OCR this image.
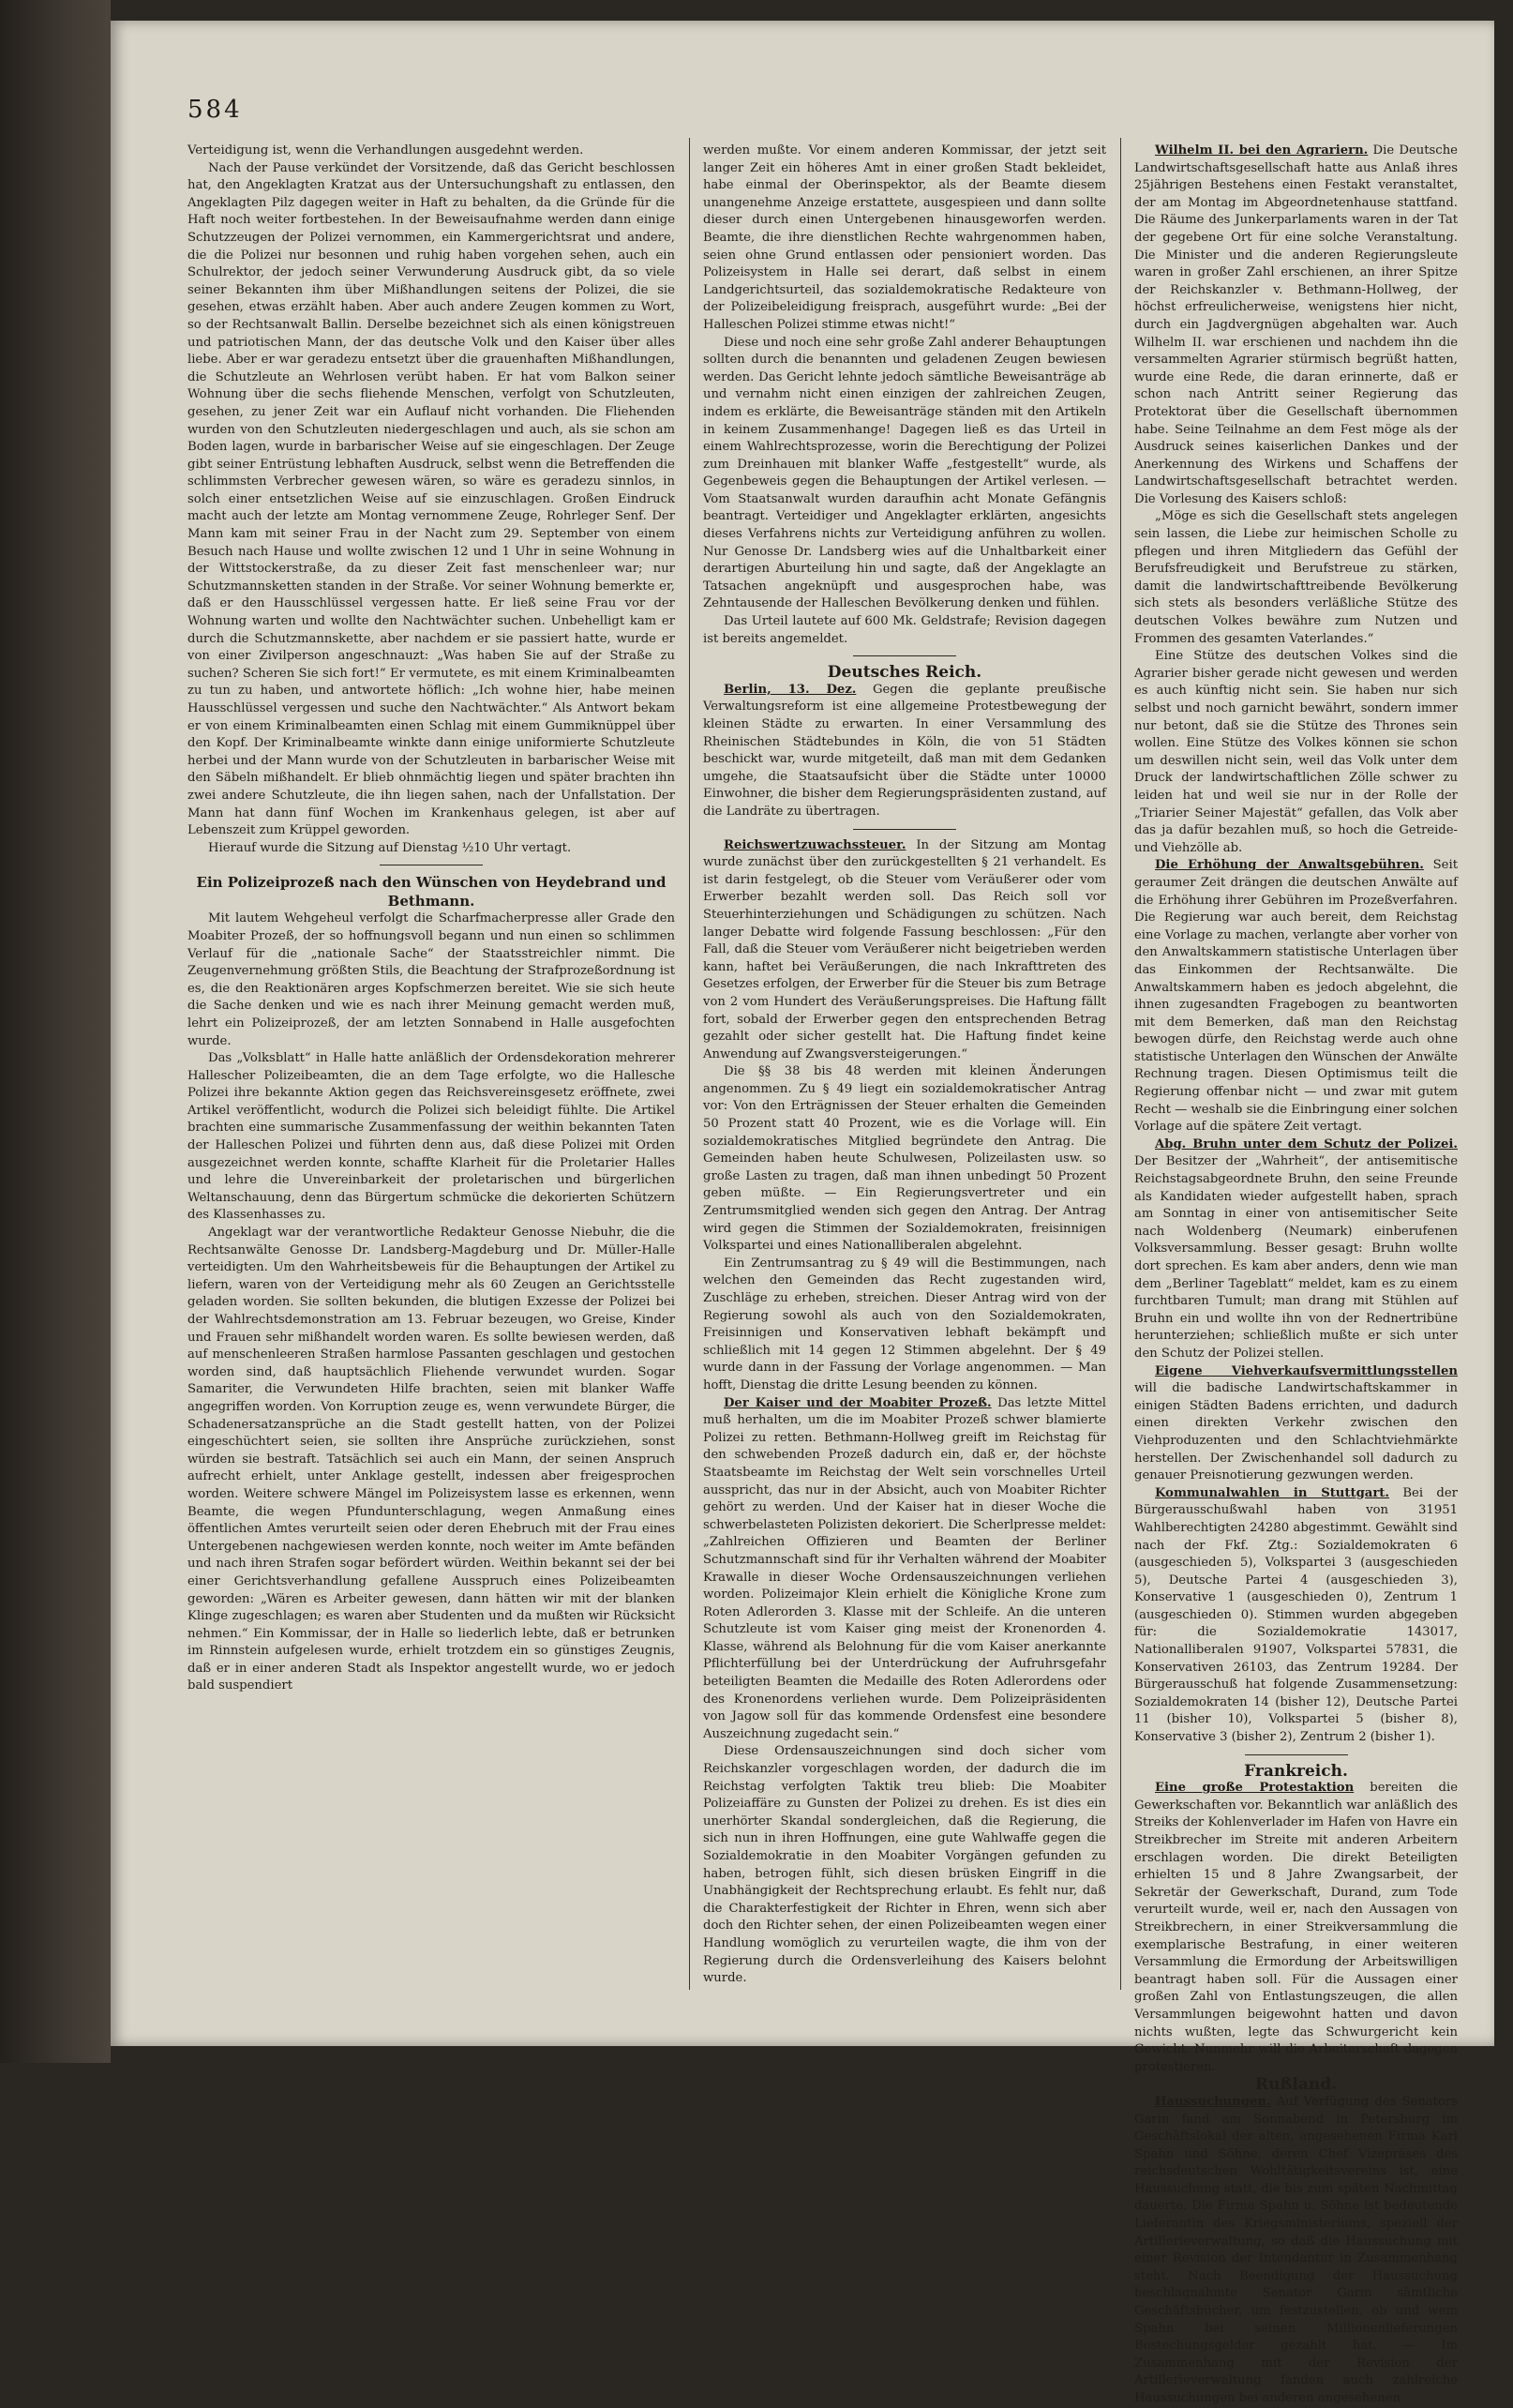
584

Verteidigung ist, wenn die Verhandlungen ausgedehnt werden.

Nach der Pause verkündet der Vorsitzende, daß das Gericht beschlossen hat, den Angeklagten Kratzat aus der Untersuchungshaft zu entlassen, den Angeklagten Pilz dagegen weiter in Haft zu behalten, da die Gründe für die Haft noch weiter fortbestehen. In der Beweisaufnahme werden dann einige Schutzzeugen der Polizei vernommen, ein Kammergerichtsrat und andere, die die Polizei nur besonnen und ruhig haben vorgehen sehen, auch ein Schulrektor, der jedoch seiner Verwunderung Ausdruck gibt, da so viele seiner Bekannten ihm über Mißhandlungen seitens der Polizei, die sie gesehen, etwas erzählt haben. Aber auch andere Zeugen kommen zu Wort, so der Rechtsanwalt Ballin. Derselbe bezeichnet sich als einen königstreuen und patriotischen Mann, der das deutsche Volk und den Kaiser über alles liebe. Aber er war geradezu entsetzt über die grauenhaften Mißhandlungen, die Schutzleute an Wehrlosen verübt haben. Er hat vom Balkon seiner Wohnung über die sechs fliehende Menschen, verfolgt von Schutzleuten, gesehen, zu jener Zeit war ein Auflauf nicht vorhanden. Die Fliehenden wurden von den Schutzleuten niedergeschlagen und auch, als sie schon am Boden lagen, wurde in barbarischer Weise auf sie eingeschlagen. Der Zeuge gibt seiner Entrüstung lebhaften Ausdruck, selbst wenn die Betreffenden die schlimmsten Verbrecher gewesen wären, so wäre es geradezu sinnlos, in solch einer entsetzlichen Weise auf sie einzuschlagen. Großen Eindruck macht auch der letzte am Montag vernommene Zeuge, Rohrleger Senf. Der Mann kam mit seiner Frau in der Nacht zum 29. September von einem Besuch nach Hause und wollte zwischen 12 und 1 Uhr in seine Wohnung in der Wittstockerstraße, da zu dieser Zeit fast menschenleer war; nur Schutzmannsketten standen in der Straße. Vor seiner Wohnung bemerkte er, daß er den Hausschlüssel vergessen hatte. Er ließ seine Frau vor der Wohnung warten und wollte den Nachtwächter suchen. Unbehelligt kam er durch die Schutzmannskette, aber nachdem er sie passiert hatte, wurde er von einer Zivilperson angeschnauzt: „Was haben Sie auf der Straße zu suchen? Scheren Sie sich fort!“ Er vermutete, es mit einem Kriminalbeamten zu tun zu haben, und antwortete höflich: „Ich wohne hier, habe meinen Hausschlüssel vergessen und suche den Nachtwächter.“ Als Antwort bekam er von einem Kriminalbeamten einen Schlag mit einem Gummiknüppel über den Kopf. Der Kriminalbeamte winkte dann einige uniformierte Schutzleute herbei und der Mann wurde von der Schutzleuten in barbarischer Weise mit den Säbeln mißhandelt. Er blieb ohnmächtig liegen und später brachten ihn zwei andere Schutzleute, die ihn liegen sahen, nach der Unfallstation. Der Mann hat dann fünf Wochen im Krankenhaus gelegen, ist aber auf Lebenszeit zum Krüppel geworden.

Hierauf wurde die Sitzung auf Dienstag ½10 Uhr vertagt.

Ein Polizeiprozeß nach den Wünschen von Heydebrand und Bethmann.

Mit lautem Wehgeheul verfolgt die Scharfmacherpresse aller Grade den Moabiter Prozeß, der so hoffnungsvoll begann und nun einen so schlimmen Verlauf für die „nationale Sache“ der Staatsstreichler nimmt. Die Zeugenvernehmung größten Stils, die Beachtung der Strafprozeßordnung ist es, die den Reaktionären arges Kopfschmerzen bereitet. Wie sie sich heute die Sache denken und wie es nach ihrer Meinung gemacht werden muß, lehrt ein Polizeiprozeß, der am letzten Sonnabend in Halle ausgefochten wurde.

Das „Volksblatt“ in Halle hatte anläßlich der Ordensdekoration mehrerer Hallescher Polizeibeamten, die an dem Tage erfolgte, wo die Hallesche Polizei ihre bekannte Aktion gegen das Reichsvereinsgesetz eröffnete, zwei Artikel veröffentlicht, wodurch die Polizei sich beleidigt fühlte. Die Artikel brachten eine summarische Zusammenfassung der weithin bekannten Taten der Halleschen Polizei und führten denn aus, daß diese Polizei mit Orden ausgezeichnet werden konnte, schaffte Klarheit für die Proletarier Halles und lehre die Unvereinbarkeit der proletarischen und bürgerlichen Weltanschauung, denn das Bürgertum schmücke die dekorierten Schützern des Klassenhasses zu.

Angeklagt war der verantwortliche Redakteur Genosse Niebuhr, die die Rechtsanwälte Genosse Dr. Landsberg-Magdeburg und Dr. Müller-Halle verteidigten. Um den Wahrheitsbeweis für die Behauptungen der Artikel zu liefern, waren von der Verteidigung mehr als 60 Zeugen an Gerichtsstelle geladen worden. Sie sollten bekunden, die blutigen Exzesse der Polizei bei der Wahlrechtsdemonstration am 13. Februar bezeugen, wo Greise, Kinder und Frauen sehr mißhandelt worden waren. Es sollte bewiesen werden, daß auf menschenleeren Straßen harmlose Passanten geschlagen und gestochen worden sind, daß hauptsächlich Fliehende verwundet wurden. Sogar Samariter, die Verwundeten Hilfe brachten, seien mit blanker Waffe angegriffen worden. Von Korruption zeuge es, wenn verwundete Bürger, die Schadenersatzansprüche an die Stadt gestellt hatten, von der Polizei eingeschüchtert seien, sie sollten ihre Ansprüche zurückziehen, sonst würden sie bestraft. Tatsächlich sei auch ein Mann, der seinen Anspruch aufrecht erhielt, unter Anklage gestellt, indessen aber freigesprochen worden. Weitere schwere Mängel im Polizeisystem lasse es erkennen, wenn Beamte, die wegen Pfundunterschlagung, wegen Anmaßung eines öffentlichen Amtes verurteilt seien oder deren Ehebruch mit der Frau eines Untergebenen nachgewiesen werden konnte, noch weiter im Amte befänden und nach ihren Strafen sogar befördert würden. Weithin bekannt sei der bei einer Gerichtsverhandlung gefallene Ausspruch eines Polizeibeamten geworden: „Wären es Arbeiter gewesen, dann hätten wir mit der blanken Klinge zugeschlagen; es waren aber Studenten und da mußten wir Rücksicht nehmen.“ Ein Kommissar, der in Halle so liederlich lebte, daß er betrunken im Rinnstein aufgelesen wurde, erhielt trotzdem ein so günstiges Zeugnis, daß er in einer anderen Stadt als Inspektor angestellt wurde, wo er jedoch bald suspendiert

werden mußte. Vor einem anderen Kommissar, der jetzt seit langer Zeit ein höheres Amt in einer großen Stadt bekleidet, habe einmal der Oberinspektor, als der Beamte diesem unangenehme Anzeige erstattete, ausgespieen und dann sollte dieser durch einen Untergebenen hinausgeworfen werden. Beamte, die ihre dienstlichen Rechte wahrgenommen haben, seien ohne Grund entlassen oder pensioniert worden. Das Polizeisystem in Halle sei derart, daß selbst in einem Landgerichtsurteil, das sozialdemokratische Redakteure von der Polizeibeleidigung freisprach, ausgeführt wurde: „Bei der Halleschen Polizei stimme etwas nicht!“

Diese und noch eine sehr große Zahl anderer Behauptungen sollten durch die benannten und geladenen Zeugen bewiesen werden. Das Gericht lehnte jedoch sämtliche Beweisanträge ab und vernahm nicht einen einzigen der zahlreichen Zeugen, indem es erklärte, die Beweisanträge ständen mit den Artikeln in keinem Zusammenhange! Dagegen ließ es das Urteil in einem Wahlrechtsprozesse, worin die Berechtigung der Polizei zum Dreinhauen mit blanker Waffe „festgestellt“ wurde, als Gegenbeweis gegen die Behauptungen der Artikel verlesen. — Vom Staatsanwalt wurden daraufhin acht Monate Gefängnis beantragt. Verteidiger und Angeklagter erklärten, angesichts dieses Verfahrens nichts zur Verteidigung anführen zu wollen. Nur Genosse Dr. Landsberg wies auf die Unhaltbarkeit einer derartigen Aburteilung hin und sagte, daß der Angeklagte an Tatsachen angeknüpft und ausgesprochen habe, was Zehntausende der Halleschen Bevölkerung denken und fühlen.

Das Urteil lautete auf 600 Mk. Geldstrafe; Revision dagegen ist bereits angemeldet.

Deutsches Reich.

Berlin, 13. Dez. Gegen die geplante preußische Verwaltungsreform ist eine allgemeine Protestbewegung der kleinen Städte zu erwarten. In einer Versammlung des Rheinischen Städtebundes in Köln, die von 51 Städten beschickt war, wurde mitgeteilt, daß man mit dem Gedanken umgehe, die Staatsaufsicht über die Städte unter 10000 Einwohner, die bisher dem Regierungspräsidenten zustand, auf die Landräte zu übertragen.

Reichswertzuwachssteuer. In der Sitzung am Montag wurde zunächst über den zurückgestellten § 21 verhandelt. Es ist darin festgelegt, ob die Steuer vom Veräußerer oder vom Erwerber bezahlt werden soll. Das Reich soll vor Steuerhinterziehungen und Schädigungen zu schützen. Nach langer Debatte wird folgende Fassung beschlossen: „Für den Fall, daß die Steuer vom Veräußerer nicht beigetrieben werden kann, haftet bei Veräußerungen, die nach Inkrafttreten des Gesetzes erfolgen, der Erwerber für die Steuer bis zum Betrage von 2 vom Hundert des Veräußerungspreises. Die Haftung fällt fort, sobald der Erwerber gegen den entsprechenden Betrag gezahlt oder sicher gestellt hat. Die Haftung findet keine Anwendung auf Zwangsversteigerungen.“

Die §§ 38 bis 48 werden mit kleinen Änderungen angenommen. Zu § 49 liegt ein sozialdemokratischer Antrag vor: Von den Erträgnissen der Steuer erhalten die Gemeinden 50 Prozent statt 40 Prozent, wie es die Vorlage will. Ein sozialdemokratisches Mitglied begründete den Antrag. Die Gemeinden haben heute Schulwesen, Polizeilasten usw. so große Lasten zu tragen, daß man ihnen unbedingt 50 Prozent geben müßte. — Ein Regierungsvertreter und ein Zentrumsmitglied wenden sich gegen den Antrag. Der Antrag wird gegen die Stimmen der Sozialdemokraten, freisinnigen Volkspartei und eines Nationalliberalen abgelehnt.

Ein Zentrumsantrag zu § 49 will die Bestimmungen, nach welchen den Gemeinden das Recht zugestanden wird, Zuschläge zu erheben, streichen. Dieser Antrag wird von der Regierung sowohl als auch von den Sozialdemokraten, Freisinnigen und Konservativen lebhaft bekämpft und schließlich mit 14 gegen 12 Stimmen abgelehnt. Der § 49 wurde dann in der Fassung der Vorlage angenommen. — Man hofft, Dienstag die dritte Lesung beenden zu können.

Der Kaiser und der Moabiter Prozeß. Das letzte Mittel muß herhalten, um die im Moabiter Prozeß schwer blamierte Polizei zu retten. Bethmann-Hollweg greift im Reichstag für den schwebenden Prozeß dadurch ein, daß er, der höchste Staatsbeamte im Reichstag der Welt sein vorschnelles Urteil ausspricht, das nur in der Absicht, auch von Moabiter Richter gehört zu werden. Und der Kaiser hat in dieser Woche die schwerbelasteten Polizisten dekoriert. Die Scherlpresse meldet: „Zahlreichen Offizieren und Beamten der Berliner Schutzmannschaft sind für ihr Verhalten während der Moabiter Krawalle in dieser Woche Ordensauszeichnungen verliehen worden. Polizeimajor Klein erhielt die Königliche Krone zum Roten Adlerorden 3. Klasse mit der Schleife. An die unteren Schutzleute ist vom Kaiser ging meist der Kronenorden 4. Klasse, während als Belohnung für die vom Kaiser anerkannte Pflichterfüllung bei der Unterdrückung der Aufruhrsgefahr beteiligten Beamten die Medaille des Roten Adlerordens oder des Kronenordens verliehen wurde. Dem Polizeipräsidenten von Jagow soll für das kommende Ordensfest eine besondere Auszeichnung zugedacht sein.“

Diese Ordensauszeichnungen sind doch sicher vom Reichskanzler vorgeschlagen worden, der dadurch die im Reichstag verfolgten Taktik treu blieb: Die Moabiter Polizeiaffäre zu Gunsten der Polizei zu drehen. Es ist dies ein unerhörter Skandal sondergleichen, daß die Regierung, die sich nun in ihren Hoffnungen, eine gute Wahlwaffe gegen die Sozialdemokratie in den Moabiter Vorgängen gefunden zu haben, betrogen fühlt, sich diesen brüsken Eingriff in die Unabhängigkeit der Rechtsprechung erlaubt. Es fehlt nur, daß die Charakterfestigkeit der Richter in Ehren, wenn sich aber doch den Richter sehen, der einen Polizeibeamten wegen einer Handlung womöglich zu verurteilen wagte, die ihm von der Regierung durch die Ordensverleihung des Kaisers belohnt wurde.

Wilhelm II. bei den Agrariern. Die Deutsche Landwirtschaftsgesellschaft hatte aus Anlaß ihres 25jährigen Bestehens einen Festakt veranstaltet, der am Montag im Abgeordnetenhause stattfand. Die Räume des Junkerparlaments waren in der Tat der gegebene Ort für eine solche Veranstaltung. Die Minister und die anderen Regierungsleute waren in großer Zahl erschienen, an ihrer Spitze der Reichskanzler v. Bethmann-Hollweg, der höchst erfreulicherweise, wenigstens hier nicht, durch ein Jagdvergnügen abgehalten war. Auch Wilhelm II. war erschienen und nachdem ihn die versammelten Agrarier stürmisch begrüßt hatten, wurde eine Rede, die daran erinnerte, daß er schon nach Antritt seiner Regierung das Protektorat über die Gesellschaft übernommen habe. Seine Teilnahme an dem Fest möge als der Ausdruck seines kaiserlichen Dankes und der Anerkennung des Wirkens und Schaffens der Landwirtschaftsgesellschaft betrachtet werden. Die Vorlesung des Kaisers schloß:

„Möge es sich die Gesellschaft stets angelegen sein lassen, die Liebe zur heimischen Scholle zu pflegen und ihren Mitgliedern das Gefühl der Berufsfreudigkeit und Berufstreue zu stärken, damit die landwirtschafttreibende Bevölkerung sich stets als besonders verläßliche Stütze des deutschen Volkes bewähre zum Nutzen und Frommen des gesamten Vaterlandes.“

Eine Stütze des deutschen Volkes sind die Agrarier bisher gerade nicht gewesen und werden es auch künftig nicht sein. Sie haben nur sich selbst und noch garnicht bewährt, sondern immer nur betont, daß sie die Stütze des Thrones sein wollen. Eine Stütze des Volkes können sie schon um deswillen nicht sein, weil das Volk unter dem Druck der landwirtschaftlichen Zölle schwer zu leiden hat und weil sie nur in der Rolle der „Triarier Seiner Majestät“ gefallen, das Volk aber das ja dafür bezahlen muß, so hoch die Getreide- und Viehzölle ab.

Die Erhöhung der Anwaltsgebühren. Seit geraumer Zeit drängen die deutschen Anwälte auf die Erhöhung ihrer Gebühren im Prozeßverfahren. Die Regierung war auch bereit, dem Reichstag eine Vorlage zu machen, verlangte aber vorher von den Anwaltskammern statistische Unterlagen über das Einkommen der Rechtsanwälte. Die Anwaltskammern haben es jedoch abgelehnt, die ihnen zugesandten Fragebogen zu beantworten mit dem Bemerken, daß man den Reichstag bewogen dürfe, den Reichstag werde auch ohne statistische Unterlagen den Wünschen der Anwälte Rechnung tragen. Diesen Optimismus teilt die Regierung offenbar nicht — und zwar mit gutem Recht — weshalb sie die Einbringung einer solchen Vorlage auf die spätere Zeit vertagt.

Abg. Bruhn unter dem Schutz der Polizei. Der Besitzer der „Wahrheit“, der antisemitische Reichstagsabgeordnete Bruhn, den seine Freunde als Kandidaten wieder aufgestellt haben, sprach am Sonntag in einer von antisemitischer Seite nach Woldenberg (Neumark) einberufenen Volksversammlung. Besser gesagt: Bruhn wollte dort sprechen. Es kam aber anders, denn wie man dem „Berliner Tageblatt“ meldet, kam es zu einem furchtbaren Tumult; man drang mit Stühlen auf Bruhn ein und wollte ihn von der Rednertribüne herunterziehen; schließlich mußte er sich unter den Schutz der Polizei stellen.

Eigene Viehverkaufsvermittlungsstellen will die badische Landwirtschaftskammer in einigen Städten Badens errichten, und dadurch einen direkten Verkehr zwischen den Viehproduzenten und den Schlachtviehmärkte herstellen. Der Zwischenhandel soll dadurch zu genauer Preisnotierung gezwungen werden.

Kommunalwahlen in Stuttgart. Bei der Bürgerausschußwahl haben von 31951 Wahlberechtigten 24280 abgestimmt. Gewählt sind nach der Fkf. Ztg.: Sozialdemokraten 6 (ausgeschieden 5), Volkspartei 3 (ausgeschieden 5), Deutsche Partei 4 (ausgeschieden 3), Konservative 1 (ausgeschieden 0), Zentrum 1 (ausgeschieden 0). Stimmen wurden abgegeben für: die Sozialdemokratie 143017, Nationalliberalen 91907, Volkspartei 57831, die Konservativen 26103, das Zentrum 19284. Der Bürgerausschuß hat folgende Zusammensetzung: Sozialdemokraten 14 (bisher 12), Deutsche Partei 11 (bisher 10), Volkspartei 5 (bisher 8), Konservative 3 (bisher 2), Zentrum 2 (bisher 1).

Frankreich.

Eine große Protestaktion bereiten die Gewerkschaften vor. Bekanntlich war anläßlich des Streiks der Kohlenverlader im Hafen von Havre ein Streikbrecher im Streite mit anderen Arbeitern erschlagen worden. Die direkt Beteiligten erhielten 15 und 8 Jahre Zwangsarbeit, der Sekretär der Gewerkschaft, Durand, zum Tode verurteilt wurde, weil er, nach den Aussagen von Streikbrechern, in einer Streikversammlung die exemplarische Bestrafung, in einer weiteren Versammlung die Ermordung der Arbeitswilligen beantragt haben soll. Für die Aussagen einer großen Zahl von Entlastungszeugen, die allen Versammlungen beigewohnt hatten und davon nichts wußten, legte das Schwurgericht kein Gewicht. Nunmehr will die Arbeiterschaft dagegen protestieren.

Rußland.

Haussuchungen. Auf Verfügung des Senators Garin fand am Sonnabend in Petersburg im Geschäftslokal der alten, angesehenen Firma Karl Spahn und Söhne, deren Chef Vizepräses des reichsdeutschen Wohltätigkeitsvereins ist, eine Haussuchung statt, die bis zum späten Nachmittag dauerte. Die Firma Spahn u. Söhne ist bedeutende Lieferantin des Kriegsministeriums, speziell der Artillerieverwaltung, so daß die Haussuchung mit einer Revision der Intendantur in Zusammenhang steht. Nach Beendigung der Haussuchung beschlagnahmte Senator Garin sämtliche Geschäftsbücher, um festzustellen, ob und wem Spahn bei seinen Millionenlieferungen Bestechungsgelder gezahlt hat. — Im Zusammenhang mit der Revision der Artillerieverwaltung fanden auch zahlreiche Haussuchungen bei anderen angesehenen
